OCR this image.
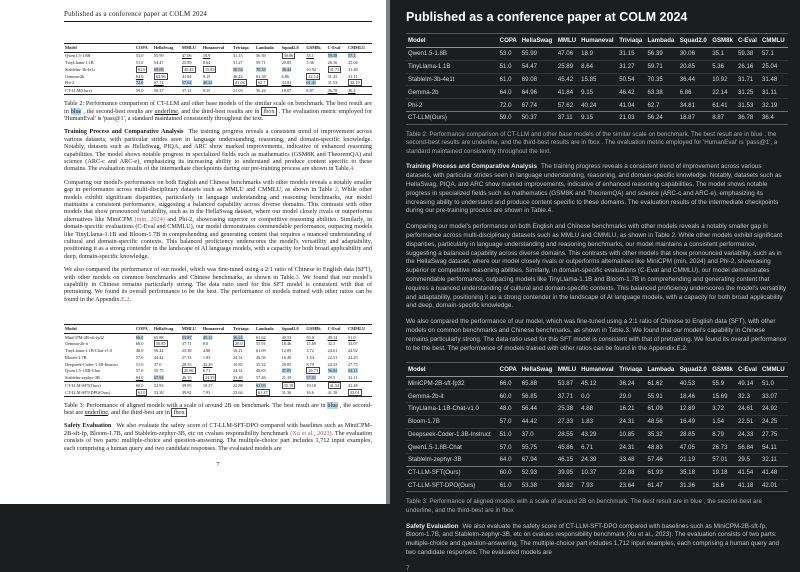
Published as a conference paper at COLM 2024
Model	COPA	HellaSwag	MMLU	Humaneval	Triviaqa	Lambada	Squad2.0	GSM8k	C-Eval	CMMLU
Qwen1.5-1.8B	53.0	55.99	47.06	18.9	31.15	56.39	30.06	35.1	59.38	57.1
TinyLlama-1.1B	51.0	54.47	25.89	8.64	31.27	59.71	20.85	5.36	26.16	25.04
Stablelm-3b-4e1t	61.0	69.08	45.42	15.85	50.54	70.35	36.44	10.92	31.71	31.48
Gemma-2b	64.0	64.96	41.84	9.15	46.42	63.38	6.86	22.14	31.25	31.11
Phi-2	72.0	67.74	57.62	40.24	41.04	62.7	34.81	61.41	31.53	32.19
CT-LLM(Ours)	59.0	50.37	37.11	9.15	21.03	56.24	18.87	8.87	36.78	36.4

Table 2: Performance comparison of CT-LLM and other base models of the similar scale on benchmark. The best result are in blue , the second-best results are underline, and the third-best results are in fbox . The evaluation metric employed for 'HumanEval' is 'pass@1', a standard maintained consistently throughout the text.

Training Process and Comparative Analysis The training progress reveals a consistent trend of improvement across various datasets, with particular strides seen in language understanding, reasoning, and domain-specific knowledge. Notably, datasets such as HellaSwag, PIQA, and ARC show marked improvements, indicative of enhanced reasoning capabilities. The model shows notable progress in specialized fields such as mathematics (GSM8K and TheoremQA) and science (ARC-c and ARC-e), emphasizing its increasing ability to understand and produce content specific to these domains. The evaluation results of the intermediate checkpoints during our pre-training process are shown in Table.4.

Comparing our model's performance on both English and Chinese benchmarks with other models reveals a notably smaller gap in performance across multi-disciplinary datasets such as MMLU and CMMLU, as shown in Table 2. While other models exhibit significant disparities, particularly in language understanding and reasoning benchmarks, our model maintains a consistent performance, suggesting a balanced capability across diverse domains. This contrasts with other models that show pronounced variability, such as in the HellaSwag dataset, where our model closely rivals or outperforms alternatives like MiniCPM (min, 2024) and Phi-2, showcasing superior or competitive reasoning abilities. Similarly, in domain-specific evaluations (C-Eval and CMMLU), our model demonstrates commendable performance, outpacing models like TinyLlama-1.1B and Bloom-1.7B in comprehending and generating content that requires a nuanced understanding of cultural and domain-specific contexts. This balanced proficiency underscores the model's versatility and adaptability, positioning it as a strong contender in the landscape of AI language models, with a capacity for both broad applicability and deep, domain-specific knowledge.

We also compared the performance of our model, which was fine-tuned using a 2:1 ratio of Chinese to English data (SFT), with other models on common benchmarks and Chinese benchmarks, as shown in Table.3. We found that our model's capability in Chinese remains particularly strong. The data ratio used for this SFT model is consistent with that of pretraining. We found its overall performance to be the best. The performance of models trained with other ratios can be found in the Appendix.E.2.

Model	COPA	HellaSwag	MMLU	Humaneval	Triviaqa	Lambada	Squad2.0	GSM8k	C-Eval	CMMLU
MiniCPM-2B-sft-fp32	66.0	65.88	53.87	45.12	36.24	61.62	40.53	55.9	49.14	51.0
Gemma-2b-it	60.0	56.85	37.71	0.0	29.0	55.91	18.46	15.69	32.3	33.07
TinyLlama-1.1B-Chat-v1.0	48.0	56.44	25.38	4.88	16.21	61.09	12.89	3.72	24.61	24.92
Bloom-1.7B	57.0	44.42	27.33	1.83	24.31	48.56	16.49	1.54	22.51	24.25
Deepseek-Coder-1.3B-Instruct	51.0	37.0	28.55	43.29	10.85	35.32	28.85	8.79	24.33	27.75
Qwen1.5-1.8B-Chat	57.0	55.75	45.86	6.71	24.31	48.83	47.05	26.73	56.84	54.11
Stablelm-zephyr-3B	64.0	67.94	46.15	24.39	33.48	57.46	21.19	57.01	29.5	32.11
CT-LLM-SFT(Ours)	60.0	52.93	39.95	10.37	22.88	61.93	35.18	19.18	41.54	41.48
CT-LLM-SFT-DPO(Ours)	61.0	53.38	39.82	7.93	23.64	61.47	31.36	16.6	41.18	42.01

Table 3: Performance of aligned models with a scale of around 2B on benchmark. The best result are in blue , the second-best are underline, and the third-best are in fbox

Safety Evaluation We also evaluate the safety score of CT-LLM-SFT-DPO compared with baselines such as MiniCPM-2B-sft-fp, Bloom-1.7B, and Stablelm-zephyr-3B, etc on cvalues responsibility benchmark (Xu et al., 2023). The evaluation consists of two parts: multiple-choice and question-answering. The multiple-choice part includes 1,712 input examples, each comprising a human query and two candidate responses. The evaluated models are

7
Published as a conference paper at COLM 2024
Model	COPA	HellaSwag	MMLU	Humaneval	Triviaqa	Lambada	Squad2.0	GSM8k	C-Eval	CMMLU
Qwen1.5-1.8B	53.0	55.99	47.06	18.9	31.15	56.39	30.06	35.1	59.38	57.1
TinyLlama-1.1B	51.0	54.47	25.89	8.64	31.27	59.71	20.85	5.36	26.16	25.04
Stablelm-3b-4e1t	61.0	69.08	45.42	15.85	50.54	70.35	36.44	10.92	31.71	31.48
Gemma-2b	64.0	64.96	41.84	9.15	46.42	63.38	6.86	22.14	31.25	31.11
Phi-2	72.0	67.74	57.62	40.24	41.04	62.7	34.81	61.41	31.53	32.19
CT-LLM(Ours)	59.0	50.37	37.11	9.15	21.03	56.24	18.87	8.87	36.78	36.4

Table 2: Performance comparison of CT-LLM and other base models of the similar scale on benchmark. The best result are in blue , the second-best results are underline, and the third-best results are in fbox . The evaluation metric employed for 'HumanEval' is 'pass@1', a standard maintained consistently throughout the text.

Training Process and Comparative Analysis The training progress reveals a consistent trend of improvement across various datasets, with particular strides seen in language understanding, reasoning, and domain-specific knowledge. Notably, datasets such as HellaSwag, PIQA, and ARC show marked improvements, indicative of enhanced reasoning capabilities. The model shows notable progress in specialized fields such as mathematics (GSM8K and TheoremQA) and science (ARC-c and ARC-e), emphasizing its increasing ability to understand and produce content specific to these domains. The evaluation results of the intermediate checkpoints during our pre-training process are shown in Table.4.

Comparing our model's performance on both English and Chinese benchmarks with other models reveals a notably smaller gap in performance across multi-disciplinary datasets such as MMLU and CMMLU, as shown in Table 2. While other models exhibit significant disparities, particularly in language understanding and reasoning benchmarks, our model maintains a consistent performance, suggesting a balanced capability across diverse domains. This contrasts with other models that show pronounced variability, such as in the HellaSwag dataset, where our model closely rivals or outperforms alternatives like MiniCPM (min, 2024) and Phi-2, showcasing superior or competitive reasoning abilities. Similarly, in domain-specific evaluations (C-Eval and CMMLU), our model demonstrates commendable performance, outpacing models like TinyLlama-1.1B and Bloom-1.7B in comprehending and generating content that requires a nuanced understanding of cultural and domain-specific contexts. This balanced proficiency underscores the model's versatility and adaptability, positioning it as a strong contender in the landscape of AI language models, with a capacity for both broad applicability and deep, domain-specific knowledge.

We also compared the performance of our model, which was fine-tuned using a 2:1 ratio of Chinese to English data (SFT), with other models on common benchmarks and Chinese benchmarks, as shown in Table.3. We found that our model's capability in Chinese remains particularly strong. The data ratio used for this SFT model is consistent with that of pretraining. We found its overall performance to be the best. The performance of models trained with other ratios can be found in the Appendix.E.2.

Model	COPA	HellaSwag	MMLU	Humaneval	Triviaqa	Lambada	Squad2.0	GSM8k	C-Eval	CMMLU
MiniCPM-2B-sft-fp32	66.0	65.88	53.87	45.12	36.24	61.62	40.53	55.9	49.14	51.0
Gemma-2b-it	60.0	56.85	37.71	0.0	29.0	55.91	18.46	15.69	32.3	33.07
TinyLlama-1.1B-Chat-v1.0	48.0	56.44	25.38	4.88	16.21	61.09	12.89	3.72	24.61	24.92
Bloom-1.7B	57.0	44.42	27.33	1.83	24.31	48.56	16.49	1.54	22.51	24.25
Deepseek-Coder-1.3B-Instruct	51.0	37.0	28.55	43.29	10.85	35.32	28.85	8.79	24.33	27.75
Qwen1.5-1.8B-Chat	57.0	55.75	45.86	6.71	24.31	48.83	47.05	26.73	56.84	54.11
Stablelm-zephyr-3B	64.0	67.94	46.15	24.39	33.48	57.46	21.19	57.01	29.5	32.11
CT-LLM-SFT(Ours)	60.0	52.93	39.95	10.37	22.88	61.93	35.18	19.18	41.54	41.48
CT-LLM-SFT-DPO(Ours)	61.0	53.38	39.82	7.93	23.64	61.47	31.36	16.6	41.18	42.01

Table 3: Performance of aligned models with a scale of around 2B on benchmark. The best result are in blue , the second-best are underline, and the third-best are in fbox

Safety Evaluation We also evaluate the safety score of CT-LLM-SFT-DPO compared with baselines such as MiniCPM-2B-sft-fp, Bloom-1.7B, and Stablelm-zephyr-3B, etc on cvalues responsibility benchmark (Xu et al., 2023). The evaluation consists of two parts: multiple-choice and question-answering. The multiple-choice part includes 1,712 input examples, each comprising a human query and two candidate responses. The evaluated models are

7
